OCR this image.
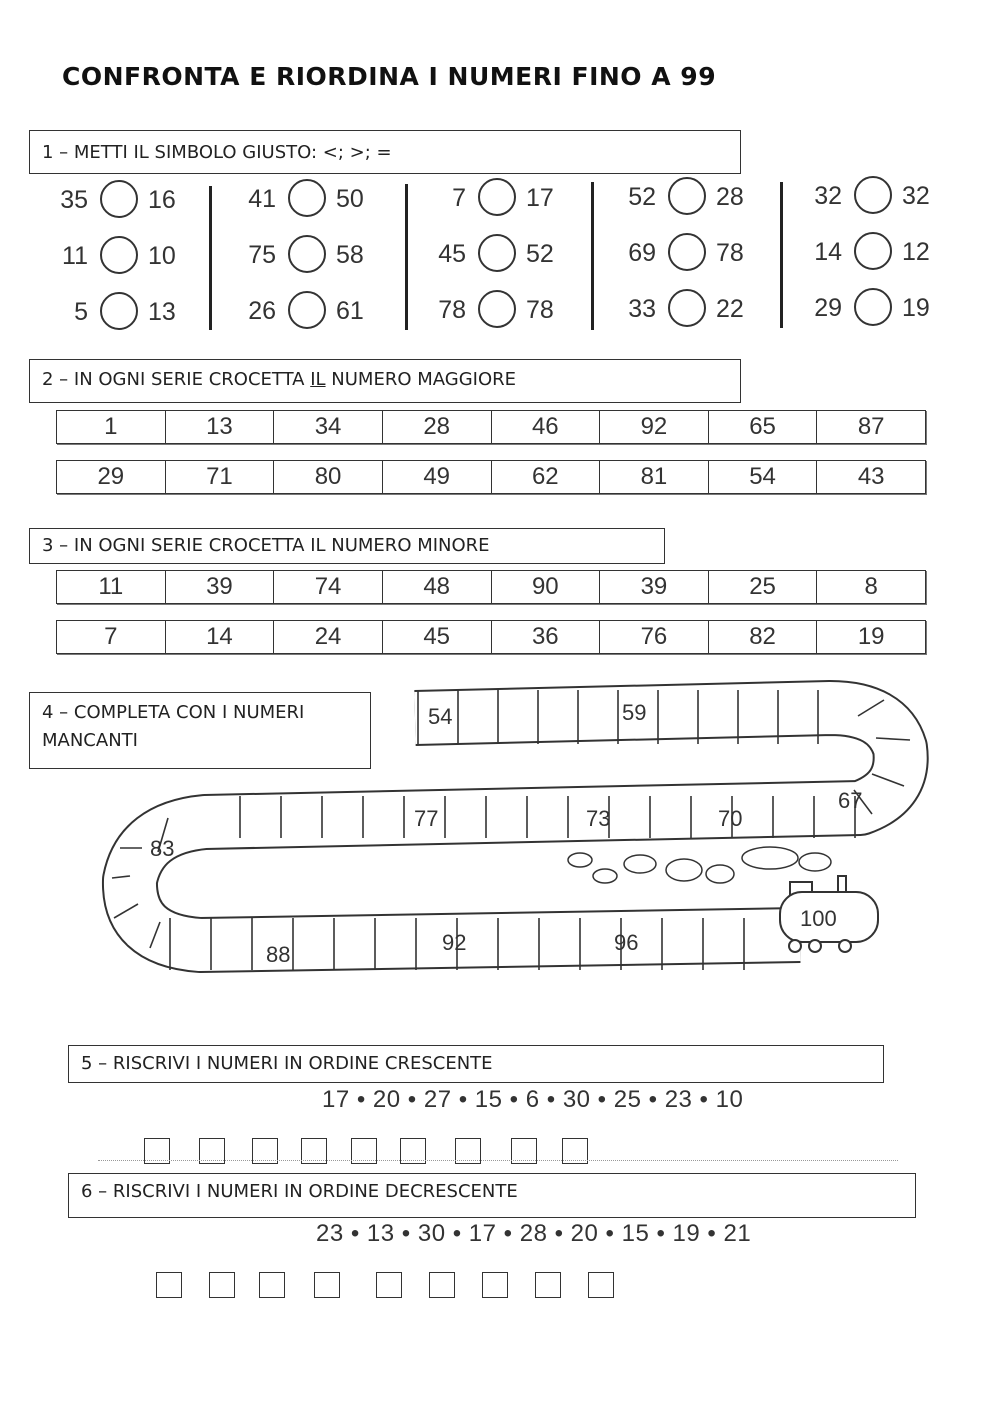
CONFRONTA E RIORDINA I NUMERI FINO A 99
1 – METTI IL SIMBOLO GIUSTO: <; >; =
35 16
11 10
5 13
41 50
75 58
26 61
7 17
45 52
78 78
52 28
69 78
33 22
32 32
14 12
29 19
2 – IN OGNI SERIE CROCETTA IL NUMERO MAGGIORE
1	13	34	28	46	92	65	87
29	71	80	49	62	81	54	43
3 – IN OGNI SERIE CROCETTA IL NUMERO MINORE
11	39	74	48	90	39	25	8
7	14	24	45	36	76	82	19
4 – COMPLETA CON I NUMERI
MANCANTI
100
54	59
67
70
73
77
83
88	92	96
5 – RISCRIVI I NUMERI IN ORDINE CRESCENTE
17 • 20 • 27 • 15 • 6 • 30 • 25 • 23 • 10
6 – RISCRIVI I NUMERI IN ORDINE DECRESCENTE
23 • 13 • 30 • 17 • 28 • 20 • 15 • 19 • 21
